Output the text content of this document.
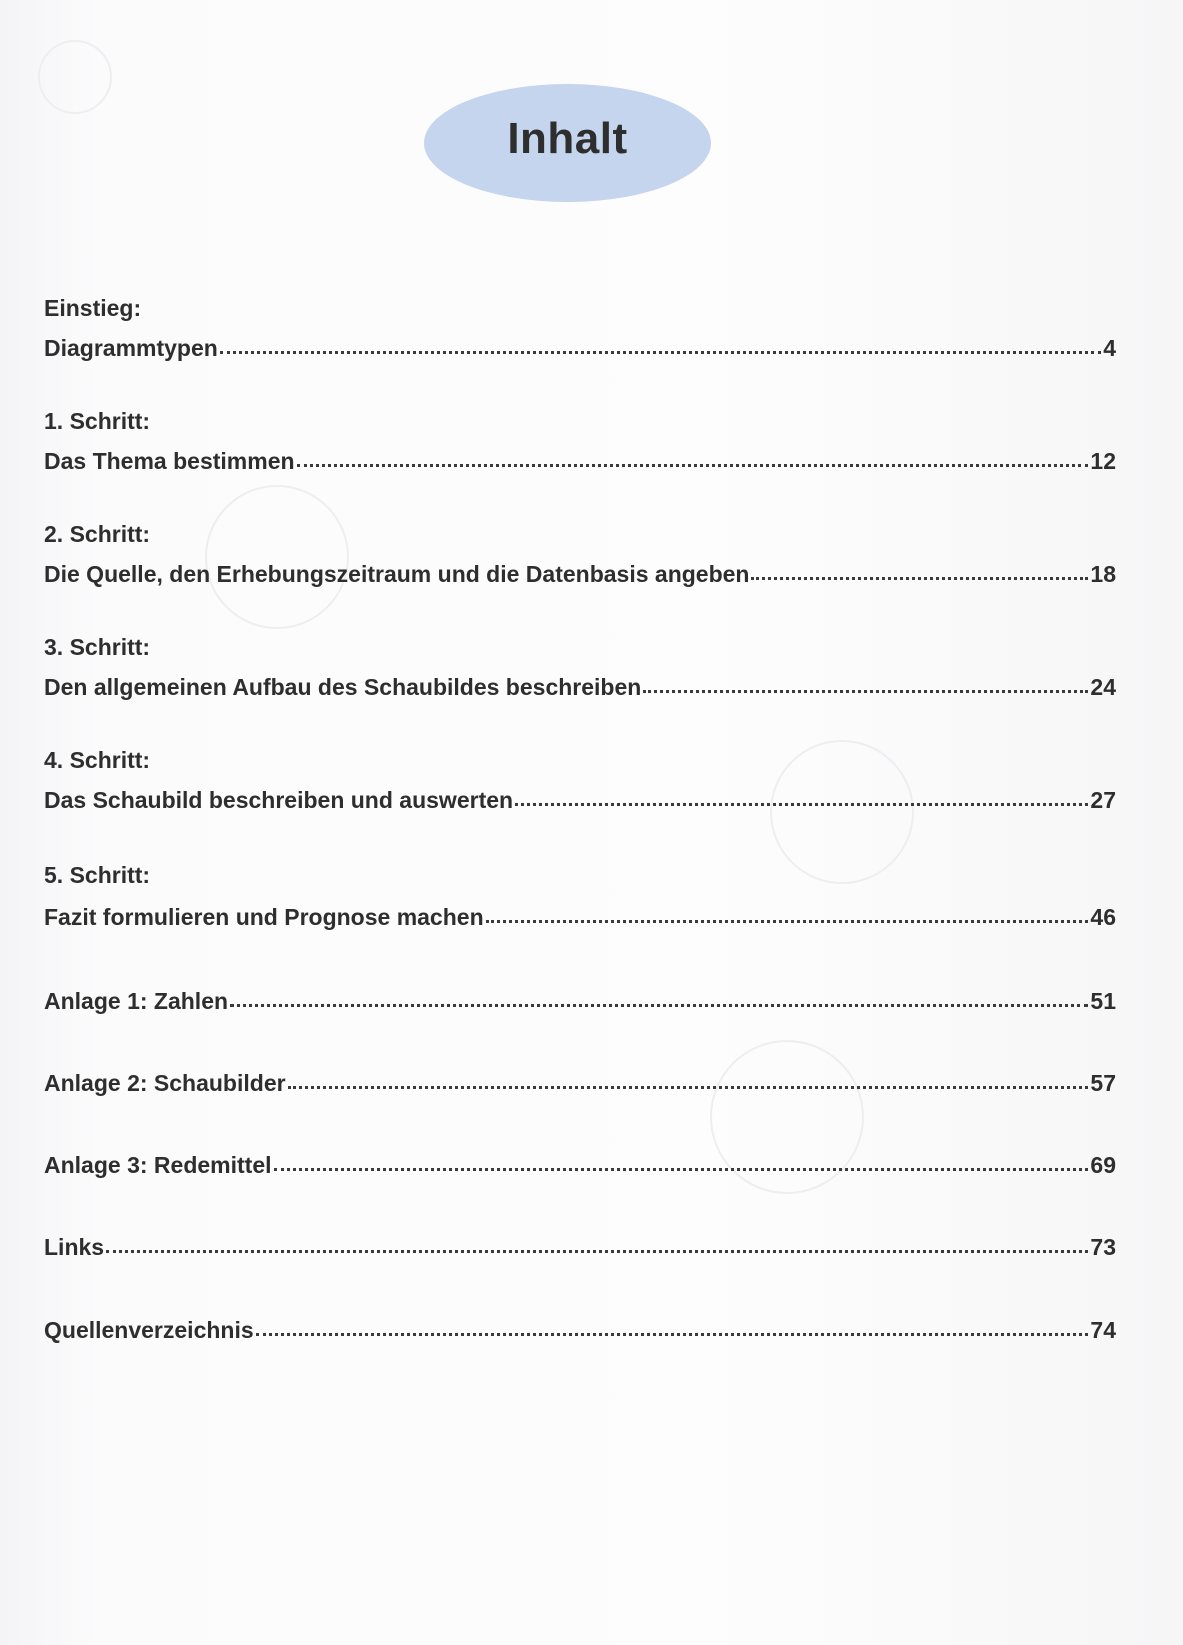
Inhalt
Einstieg:
Diagrammtypen	4
1. Schritt:
Das Thema bestimmen	12
2. Schritt:
Die Quelle, den Erhebungszeitraum und die Datenbasis angeben	18
3. Schritt:
Den allgemeinen Aufbau des Schaubildes beschreiben	24
4. Schritt:
Das Schaubild beschreiben und auswerten	27
5. Schritt:
Fazit formulieren und Prognose machen	46
Anlage 1: Zahlen	51
Anlage 2: Schaubilder	57
Anlage 3: Redemittel	69
Links	73
Quellenverzeichnis	74
